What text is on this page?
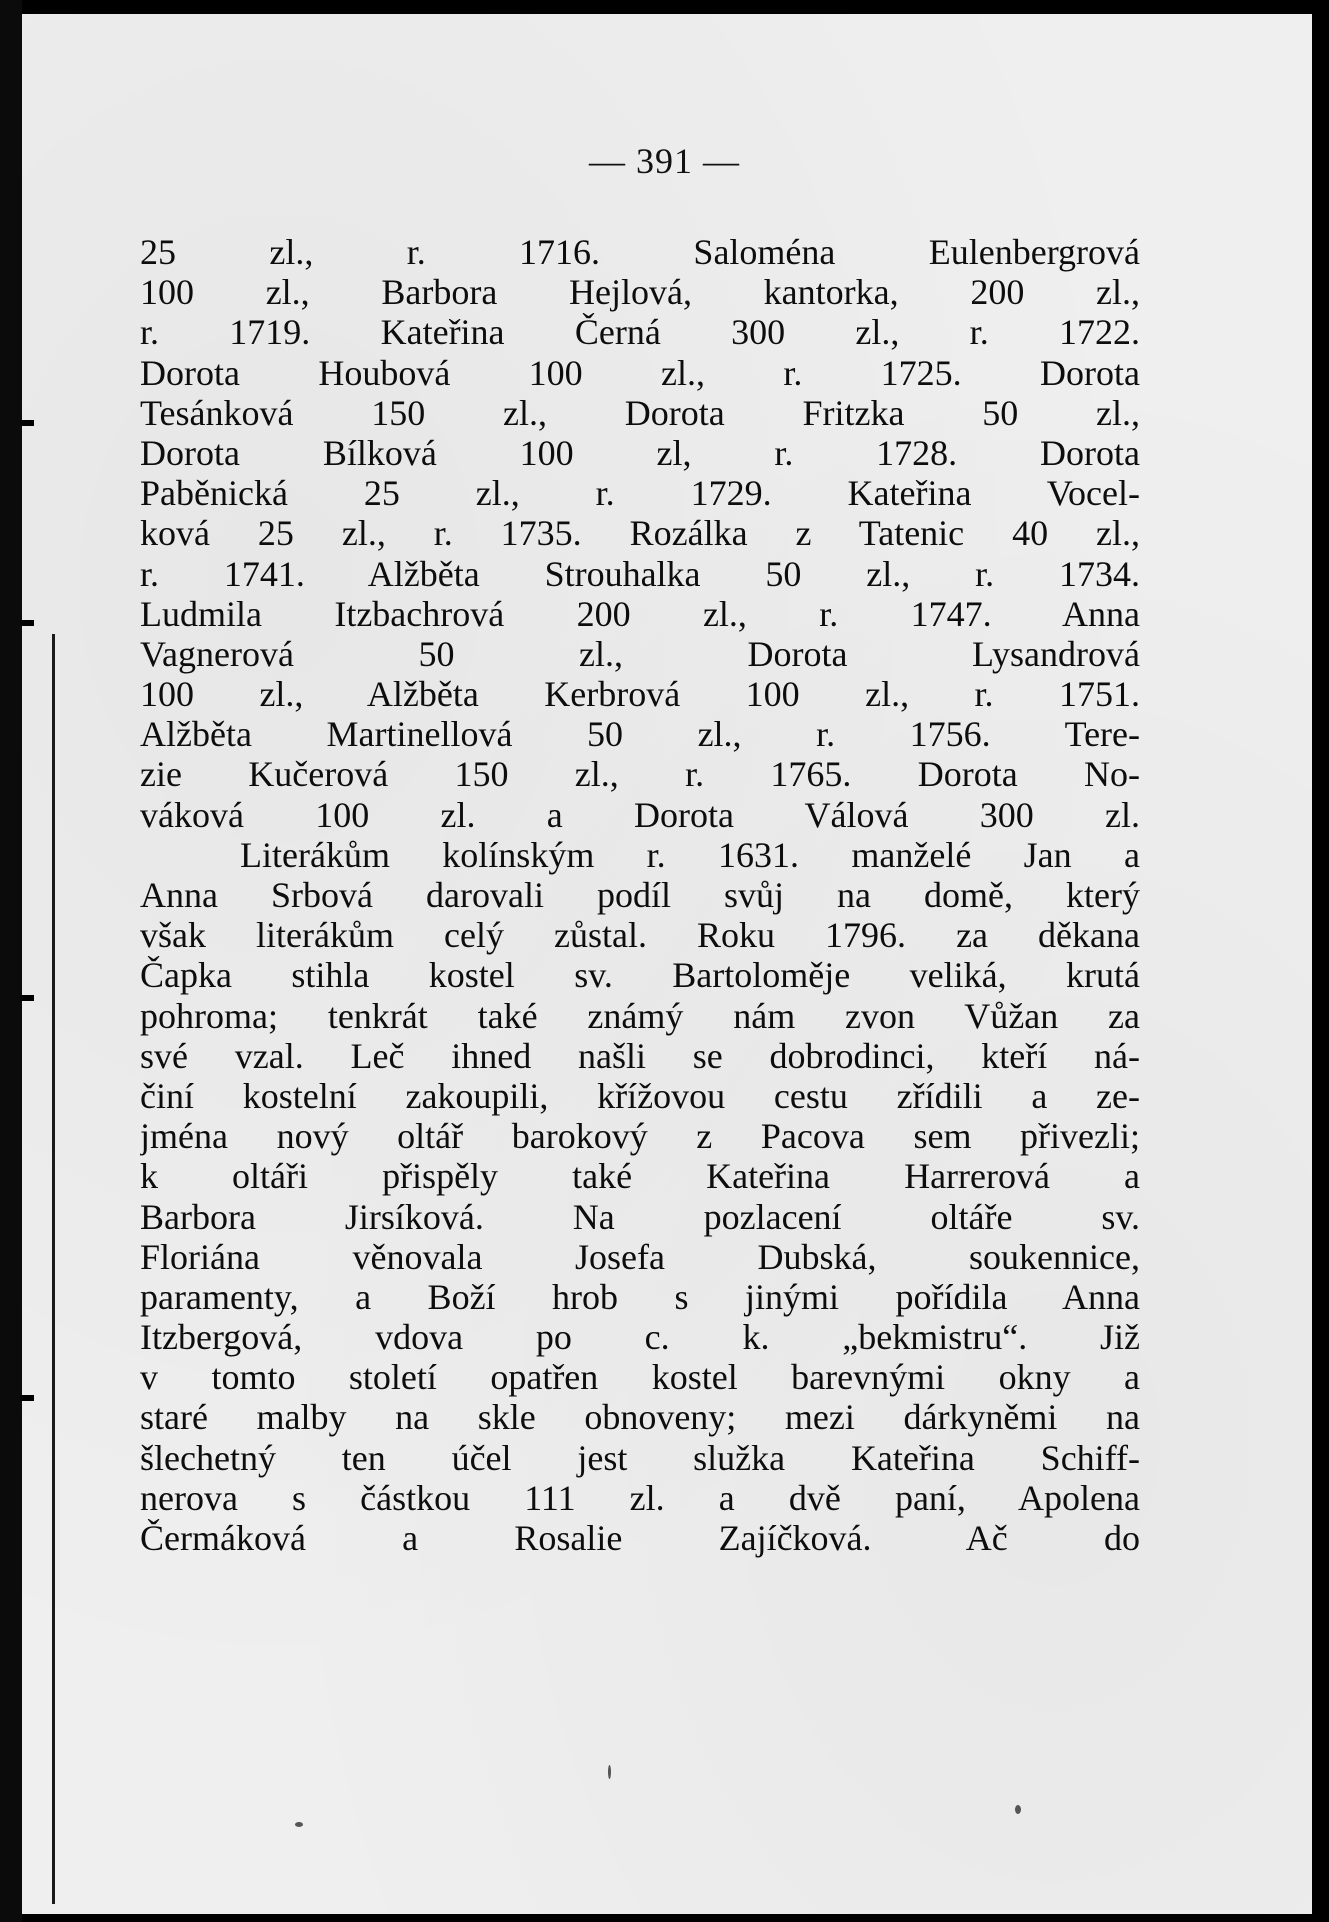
— 391 —
25 zl., r. 1716. Saloména Eulenbergrová
100 zl., Barbora Hejlová, kantorka, 200 zl.,
r. 1719. Kateřina Černá 300 zl., r. 1722.
Dorota Houbová 100 zl., r. 1725. Dorota
Tesánková 150 zl., Dorota Fritzka 50 zl.,
Dorota Bílková 100 zl, r. 1728. Dorota
Paběnická 25 zl., r. 1729. Kateřina Vocel-
ková 25 zl., r. 1735. Rozálka z Tatenic 40 zl.,
r. 1741. Alžběta Strouhalka 50 zl., r. 1734.
Ludmila Itzbachrová 200 zl., r. 1747. Anna
Vagnerová 50 zl., Dorota Lysandrová
100 zl., Alžběta Kerbrová 100 zl., r. 1751.
Alžběta Martinellová 50 zl., r. 1756. Tere-
zie Kučerová 150 zl., r. 1765. Dorota No-
váková 100 zl. a Dorota Válová 300 zl.
Literákům kolínským r. 1631. manželé Jan a
Anna Srbová darovali podíl svůj na domě, který
však literákům celý zůstal. Roku 1796. za děkana
Čapka stihla kostel sv. Bartoloměje veliká, krutá
pohroma; tenkrát také známý nám zvon Vůžan za
své vzal. Leč ihned našli se dobrodinci, kteří ná-
činí kostelní zakoupili, křížovou cestu zřídili a ze-
jména nový oltář barokový z Pacova sem přivezli;
k oltáři přispěly také Kateřina Harrerová a
Barbora Jirsíková. Na pozlacení oltáře sv.
Floriána věnovala Josefa Dubská, soukennice,
paramenty, a Boží hrob s jinými pořídila Anna
Itzbergová, vdova po c. k. „bekmistru“. Již
v tomto století opatřen kostel barevnými okny a
staré malby na skle obnoveny; mezi dárkyněmi na
šlechetný ten účel jest služka Kateřina Schiff-
nerova s částkou 111 zl. a dvě paní, Apolena
Čermáková a Rosalie Zajíčková. Ač do
